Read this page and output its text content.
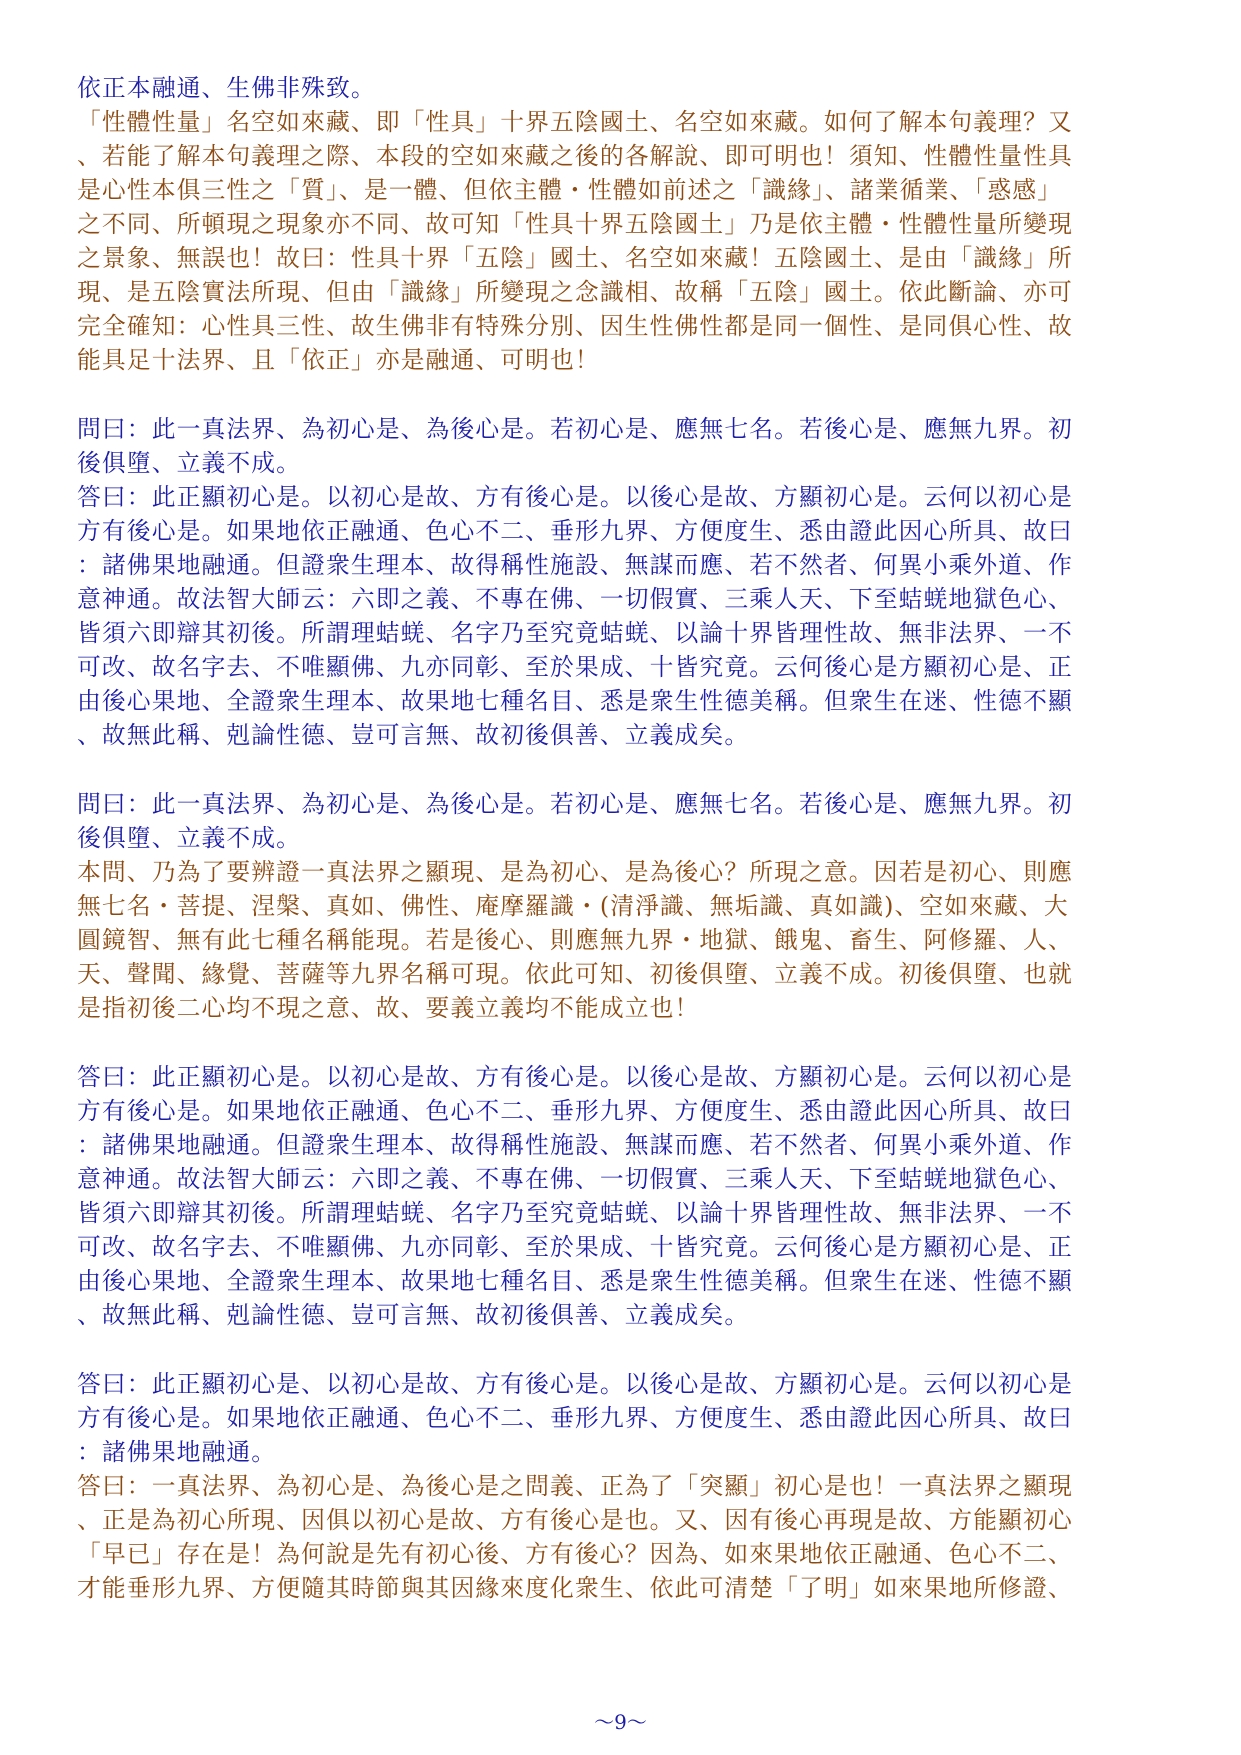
依正本融通、生佛非殊致。
「性體性量」名空如來藏、即「性具」十界五陰國土、名空如來藏。如何了解本句義理？又
、若能了解本句義理之際、本段的空如來藏之後的各解說、即可明也！須知、性體性量性具
是心性本俱三性之「質」、是一體、但依主體・性體如前述之「識緣」、諸業循業、「惑感」
之不同、所頓現之現象亦不同、故可知「性具十界五陰國土」乃是依主體・性體性量所變現
之景象、無誤也！故曰：性具十界「五陰」國土、名空如來藏！五陰國土、是由「識緣」所
現、是五陰實法所現、但由「識緣」所變現之念識相、故稱「五陰」國土。依此斷論、亦可
完全確知：心性具三性、故生佛非有特殊分別、因生性佛性都是同一個性、是同俱心性、故
能具足十法界、且「依正」亦是融通、可明也！
問曰：此一真法界、為初心是、為後心是。若初心是、應無七名。若後心是、應無九界。初
後俱墮、立義不成。
答曰：此正顯初心是。以初心是故、方有後心是。以後心是故、方顯初心是。云何以初心是
方有後心是。如果地依正融通、色心不二、垂形九界、方便度生、悉由證此因心所具、故曰
：諸佛果地融通。但證衆生理本、故得稱性施設、無謀而應、若不然者、何異小乘外道、作
意神通。故法智大師云：六即之義、不專在佛、一切假實、三乘人天、下至蛣蜣地獄色心、
皆須六即辯其初後。所謂理蛣蜣、名字乃至究竟蛣蜣、以論十界皆理性故、無非法界、一不
可改、故名字去、不唯顯佛、九亦同彰、至於果成、十皆究竟。云何後心是方顯初心是、正
由後心果地、全證衆生理本、故果地七種名目、悉是衆生性德美稱。但衆生在迷、性德不顯
、故無此稱、剋論性德、豈可言無、故初後俱善、立義成矣。
問曰：此一真法界、為初心是、為後心是。若初心是、應無七名。若後心是、應無九界。初
後俱墮、立義不成。
本問、乃為了要辨證一真法界之顯現、是為初心、是為後心？所現之意。因若是初心、則應
無七名・菩提、涅槃、真如、佛性、庵摩羅識・(清淨識、無垢識、真如識)、空如來藏、大
圓鏡智、無有此七種名稱能現。若是後心、則應無九界・地獄、餓鬼、畜生、阿修羅、人、
天、聲聞、緣覺、菩薩等九界名稱可現。依此可知、初後俱墮、立義不成。初後俱墮、也就
是指初後二心均不現之意、故、要義立義均不能成立也！
答曰：此正顯初心是。以初心是故、方有後心是。以後心是故、方顯初心是。云何以初心是
方有後心是。如果地依正融通、色心不二、垂形九界、方便度生、悉由證此因心所具、故曰
：諸佛果地融通。但證衆生理本、故得稱性施設、無謀而應、若不然者、何異小乘外道、作
意神通。故法智大師云：六即之義、不專在佛、一切假實、三乘人天、下至蛣蜣地獄色心、
皆須六即辯其初後。所謂理蛣蜣、名字乃至究竟蛣蜣、以論十界皆理性故、無非法界、一不
可改、故名字去、不唯顯佛、九亦同彰、至於果成、十皆究竟。云何後心是方顯初心是、正
由後心果地、全證衆生理本、故果地七種名目、悉是衆生性德美稱。但衆生在迷、性德不顯
、故無此稱、剋論性德、豈可言無、故初後俱善、立義成矣。
答曰：此正顯初心是、以初心是故、方有後心是。以後心是故、方顯初心是。云何以初心是
方有後心是。如果地依正融通、色心不二、垂形九界、方便度生、悉由證此因心所具、故曰
：諸佛果地融通。
答曰：一真法界、為初心是、為後心是之問義、正為了「突顯」初心是也！一真法界之顯現
、正是為初心所現、因俱以初心是故、方有後心是也。又、因有後心再現是故、方能顯初心
「早已」存在是！為何說是先有初心後、方有後心？因為、如來果地依正融通、色心不二、
才能垂形九界、方便隨其時節與其因緣來度化衆生、依此可清楚「了明」如來果地所修證、
～9～
